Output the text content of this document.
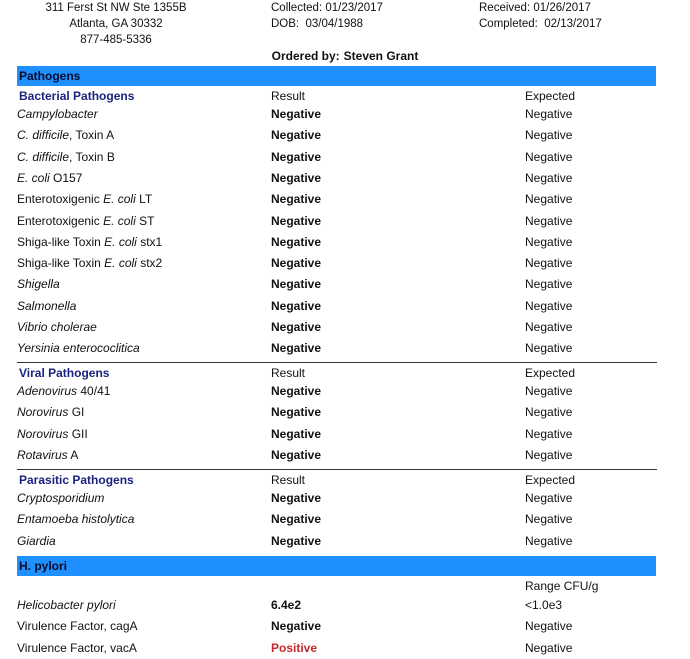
311 Ferst St NW Ste 1355B
Atlanta, GA 30332
877-485-5336
Collected: 01/23/2017
DOB: 03/04/1988
Received: 01/26/2017
Completed: 02/13/2017
Ordered by: Steven Grant
Pathogens
Bacterial Pathogens	Result	Expected
Campylobacter	Negative	Negative
C. difficile, Toxin A	Negative	Negative
C. difficile, Toxin B	Negative	Negative
E. coli O157	Negative	Negative
Enterotoxigenic E. coli LT	Negative	Negative
Enterotoxigenic E. coli ST	Negative	Negative
Shiga-like Toxin E. coli stx1	Negative	Negative
Shiga-like Toxin E. coli stx2	Negative	Negative
Shigella	Negative	Negative
Salmonella	Negative	Negative
Vibrio cholerae	Negative	Negative
Yersinia enterococlitica	Negative	Negative
Viral Pathogens	Result	Expected
Adenovirus 40/41	Negative	Negative
Norovirus GI	Negative	Negative
Norovirus GII	Negative	Negative
Rotavirus A	Negative	Negative
Parasitic Pathogens	Result	Expected
Cryptosporidium	Negative	Negative
Entamoeba histolytica	Negative	Negative
Giardia	Negative	Negative
H. pylori
Range CFU/g
Helicobacter pylori	6.4e2	<1.0e3
Virulence Factor, cagA	Negative	Negative
Virulence Factor, vacA	Positive	Negative
